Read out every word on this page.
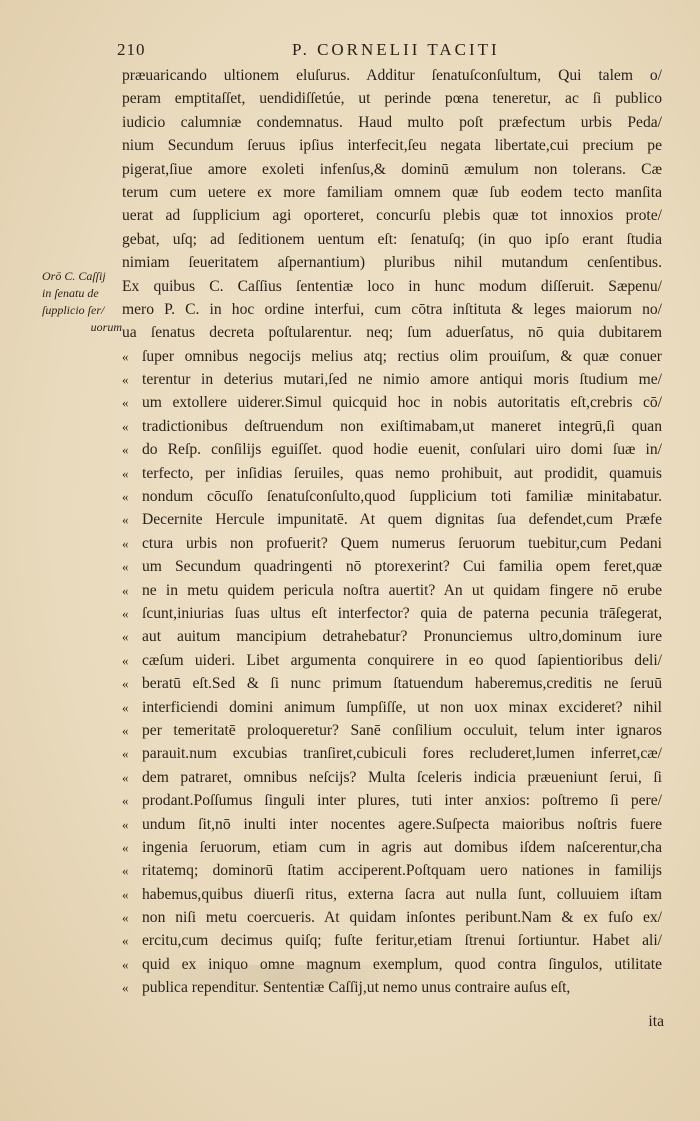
210	P. CORNELII TACITI
Orō C. Caſſij
in ſenatu de
ſupplicio ſer/
uorum
præuaricando ultionem eluſurus. Additur ſenatuſconſultum, Qui talem o/
peram emptitaſſet, uendidiſſetúe, ut perinde pœna teneretur, ac ſi publico
iudicio calumniæ condemnatus. Haud multo poſt præfectum urbis Peda/
nium Secundum ſeruus ipſius interfecit,ſeu negata libertate,cui precium pe
pigerat,ſiue amore exoleti infenſus,& dominū æmulum non tolerans. Cæ
terum cum uetere ex more familiam omnem quæ ſub eodem tecto manſita
uerat ad ſupplicium agi oporteret, concurſu plebis quæ tot innoxios prote/
gebat, uſq; ad ſeditionem uentum eſt: ſenatuſq; (in quo ipſo erant ſtudia
nimiam ſeueritatem aſpernantium) pluribus nihil mutandum cenſentibus.
Ex quibus C. Caſſius ſententiæ loco in hunc modum diſſeruit. Sæpenu/
mero P. C. in hoc ordine interfui, cum cōtra inſtituta & leges maiorum no/
ua ſenatus decreta poſtularentur. neq; ſum aduerſatus, nō quia dubitarem
« ſuper omnibus negocijs melius atq; rectius olim prouiſum, & quæ conuer
« terentur in deterius mutari,ſed ne nimio amore antiqui moris ſtudium me/
« um extollere uiderer.Simul quicquid hoc in nobis autoritatis eſt,crebris cō/
« tradictionibus deſtruendum non exiſtimabam,ut maneret integrū,ſi quan
« do Reſp. conſilijs eguiſſet. quod hodie euenit, conſulari uiro domi ſuæ in/
« terfecto, per inſidias ſeruiles, quas nemo prohibuit, aut prodidit, quamuis
« nondum cōcuſſo ſenatuſconſulto,quod ſupplicium toti familiæ minitabatur.
« Decernite Hercule impunitatē. At quem dignitas ſua defendet,cum Præfe
« ctura urbis non profuerit? Quem numerus ſeruorum tuebitur,cum Pedani
« um Secundum quadringenti nō ptorexerint? Cui familia opem feret,quæ
« ne in metu quidem pericula noſtra auertit? An ut quidam fingere nō erube
« ſcunt,iniurias ſuas ultus eſt interfector? quia de paterna pecunia trāſegerat,
« aut auitum mancipium detrahebatur? Pronunciemus ultro,dominum iure
« cæſum uideri. Libet argumenta conquirere in eo quod ſapientioribus deli/
« beratū eſt.Sed & ſi nunc primum ſtatuendum haberemus,creditis ne ſeruū
« interficiendi domini animum ſumpſiſſe, ut non uox minax excideret? nihil
« per temeritatē proloqueretur? Sanē conſilium occuluit, telum inter ignaros
« parauit.num excubias tranſiret,cubiculi fores recluderet,lumen inferret,cæ/
« dem patraret, omnibus neſcijs? Multa ſceleris indicia præueniunt ſerui, ſi
« prodant.Poſſumus ſinguli inter plures, tuti inter anxios: poſtremo ſi pere/
« undum ſit,nō inulti inter nocentes agere.Suſpecta maioribus noſtris fuere
« ingenia ſeruorum, etiam cum in agris aut domibus iſdem naſcerentur,cha
« ritatemq; dominorū ſtatim acciperent.Poſtquam uero nationes in familijs
« habemus,quibus diuerſi ritus, externa ſacra aut nulla ſunt, colluuiem iſtam
« non niſi metu coercueris. At quidam inſontes peribunt.Nam & ex fuſo ex/
« ercitu,cum decimus quiſq; fuſte feritur,etiam ſtrenui ſortiuntur. Habet ali/
« quid ex iniquo omne magnum exemplum, quod contra ſingulos, utilitate
« publica rependitur. Sententiæ Caſſij,ut nemo unus contraire auſus eſt,
ita
